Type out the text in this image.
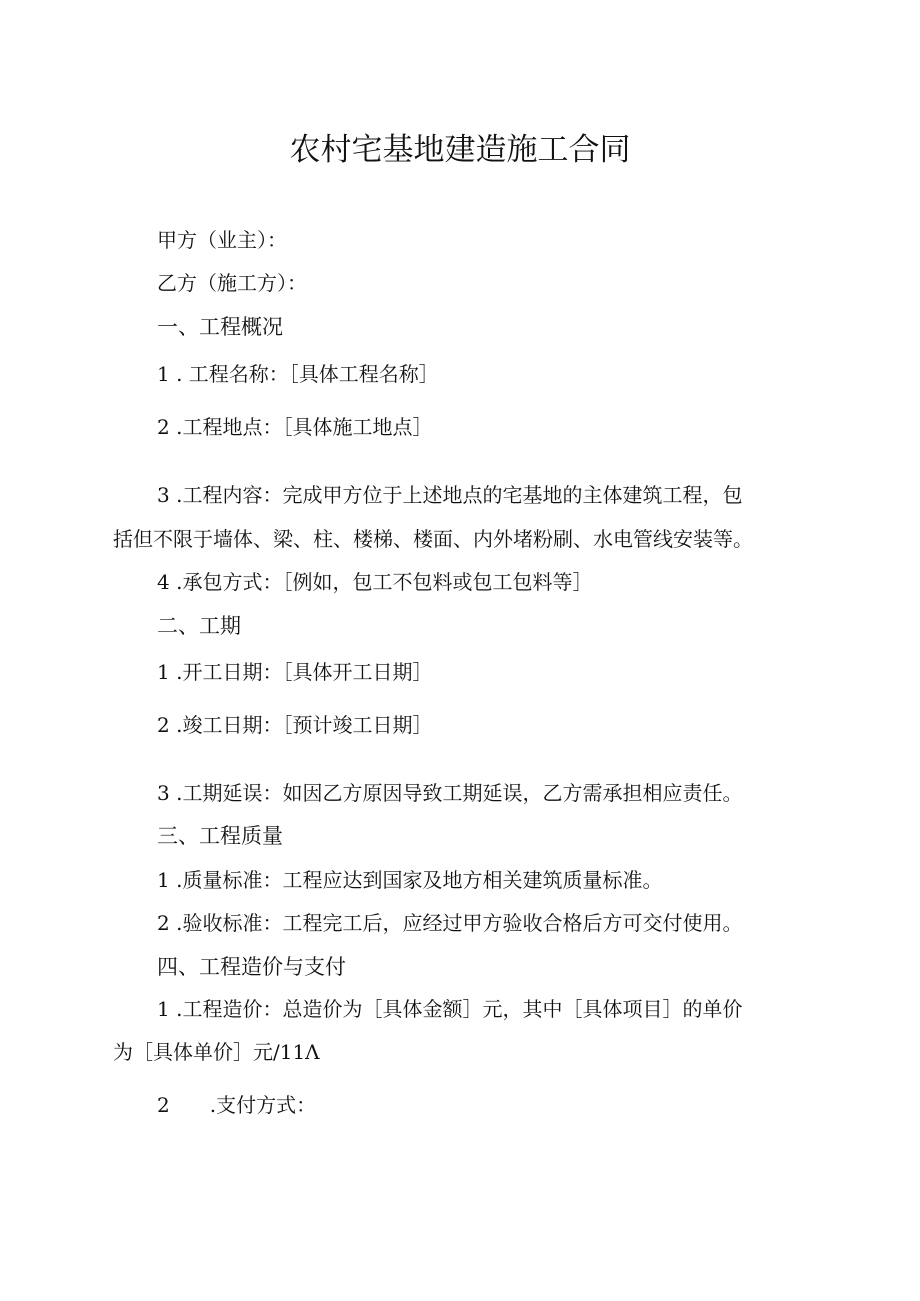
农村宅基地建造施工合同
甲方（业主）：
乙方（施工方）：
一、工程概况
1 . 工程名称：［具体工程名称］
2 .工程地点：［具体施工地点］
3 .工程内容：完成甲方位于上述地点的宅基地的主体建筑工程，包
括但不限于墙体、梁、柱、楼梯、楼面、内外堵粉刷、水电管线安装等。
4 .承包方式：［例如，包工不包料或包工包料等］
二、工期
1 .开工日期：［具体开工日期］
2 .竣工日期：［预计竣工日期］
3 .工期延误：如因乙方原因导致工期延误，乙方需承担相应责任。
三、工程质量
1 .质量标准：工程应达到国家及地方相关建筑质量标准。
2 .验收标准：工程完工后，应经过甲方验收合格后方可交付使用。
四、工程造价与支付
1 .工程造价：总造价为［具体金额］元，其中［具体项目］的单价
为［具体单价］元/11Λ
2　　.支付方式：
